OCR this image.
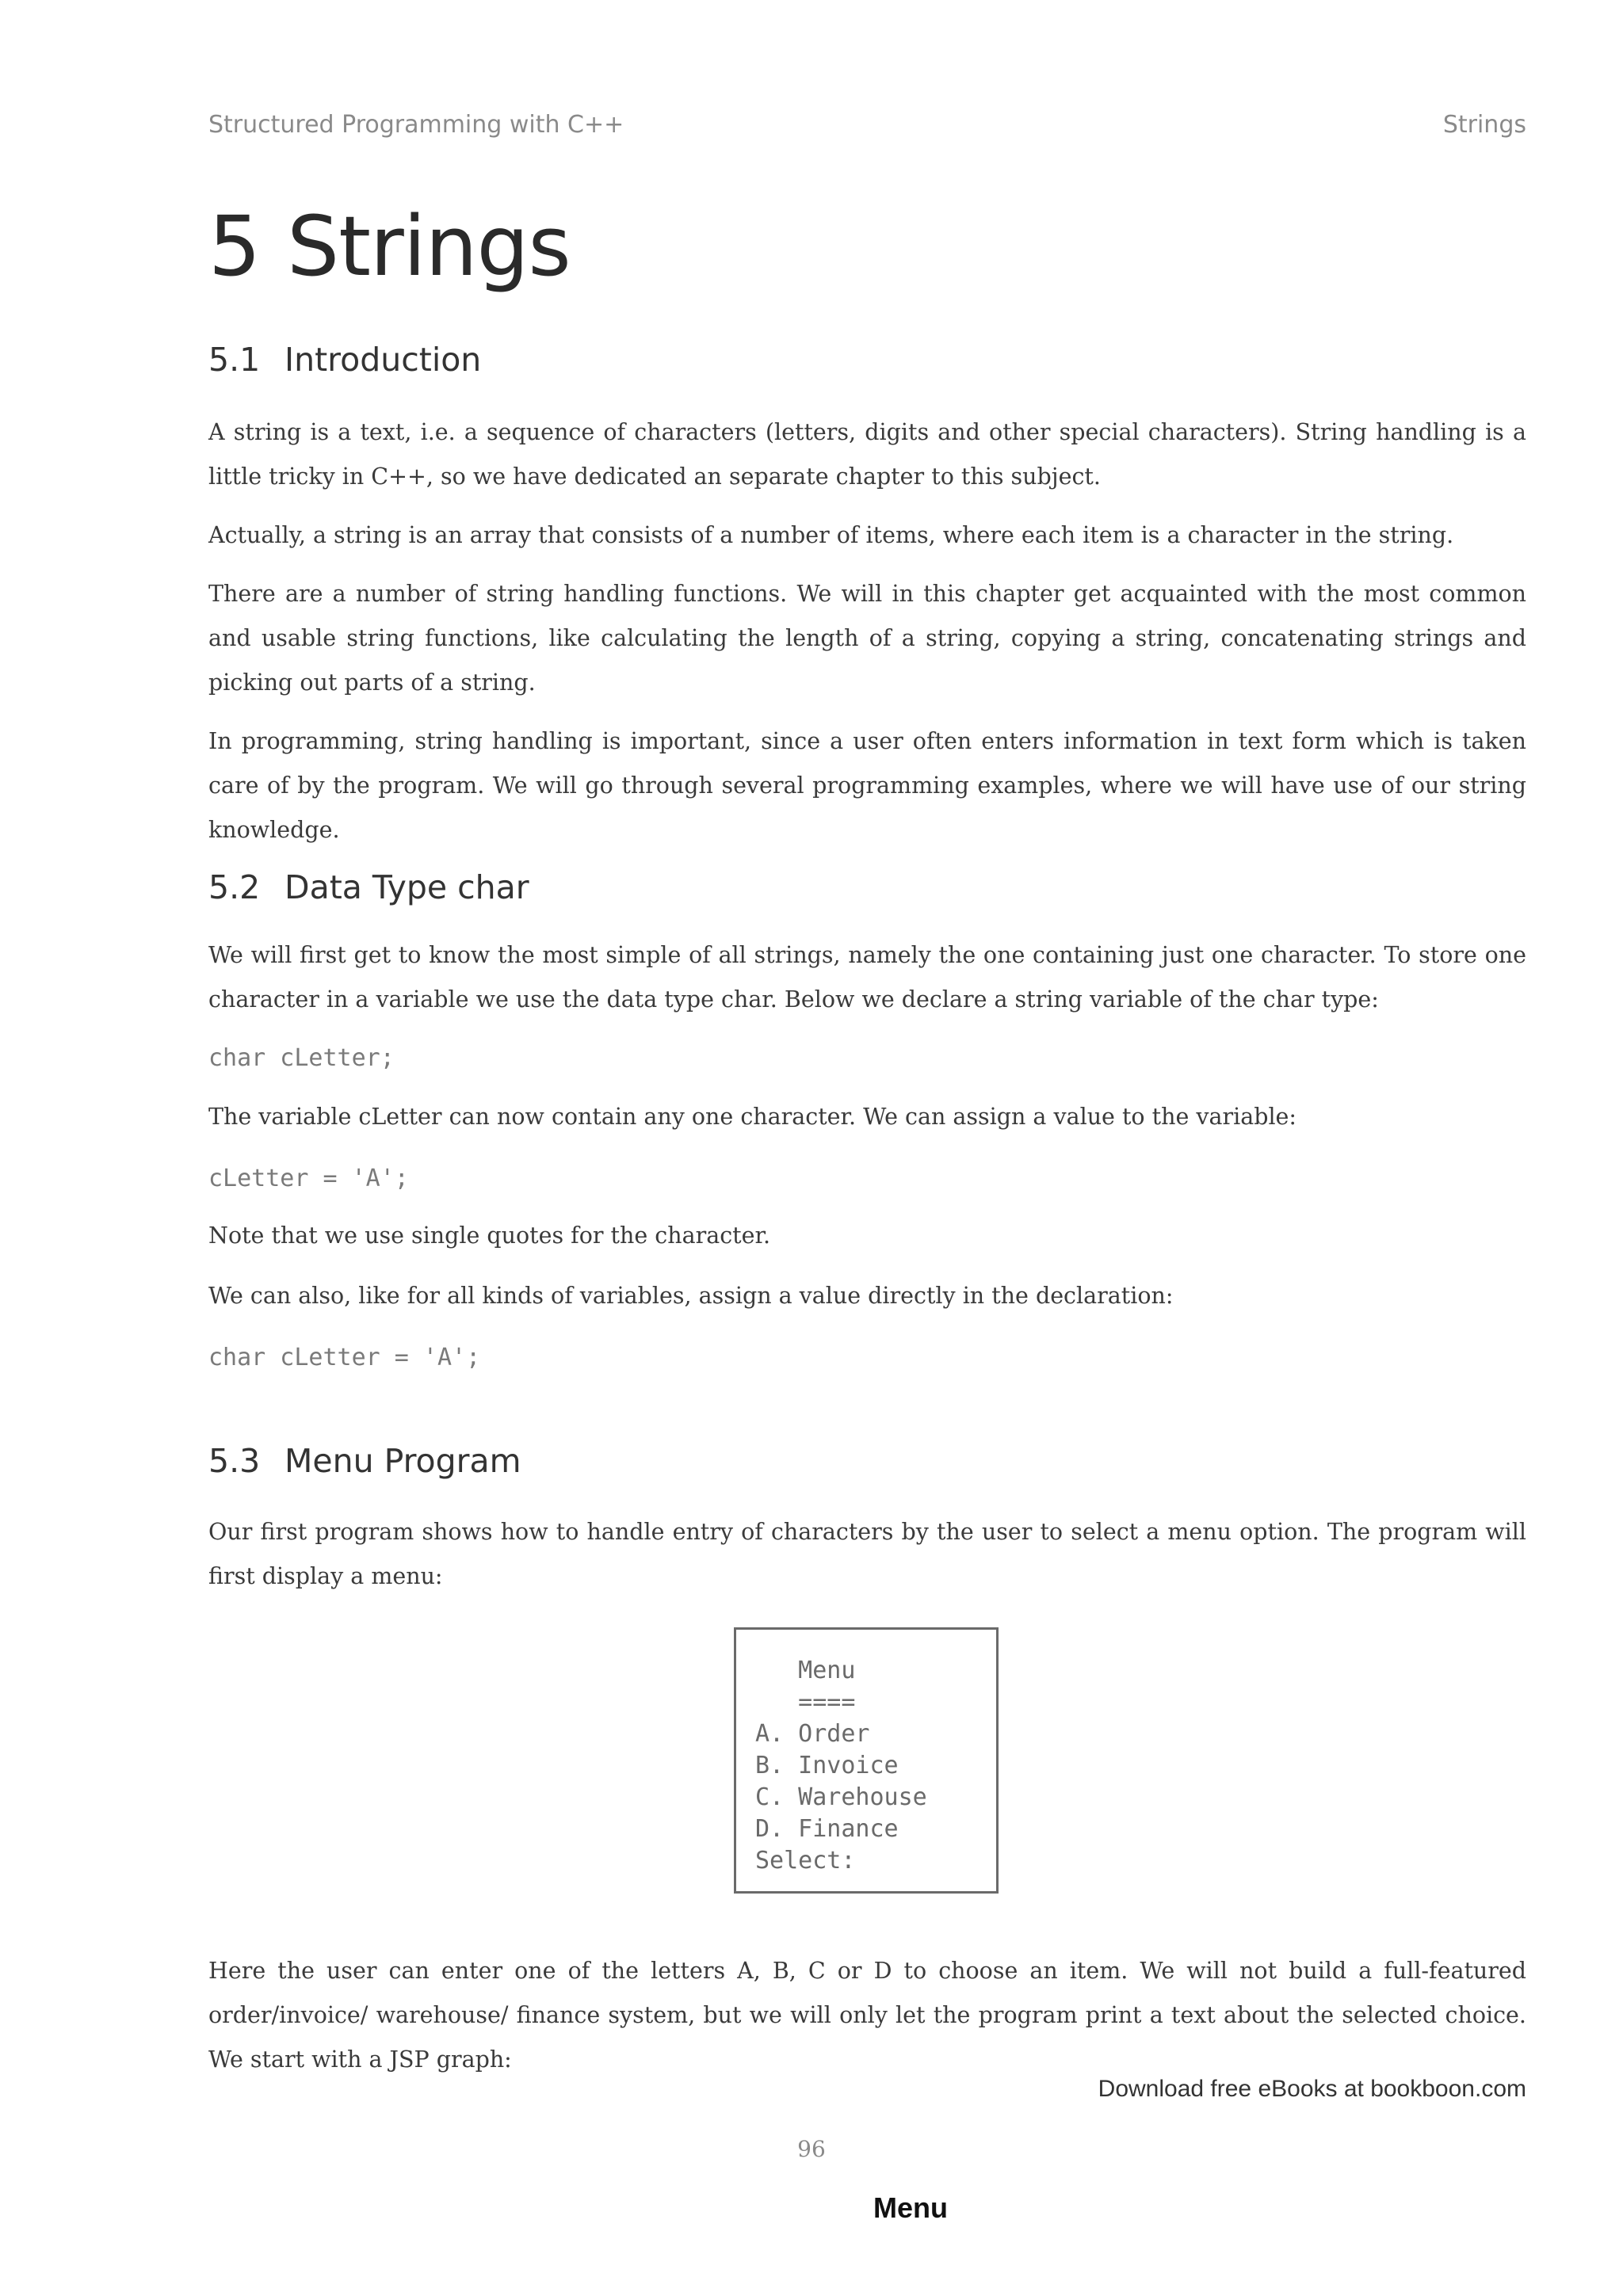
Structured Programming with C++	Strings
5 Strings
5.1 Introduction

A string is a text, i.e. a sequence of characters (letters, digits and other special characters). String handling is a little tricky in C++, so we have dedicated an separate chapter to this subject.

Actually, a string is an array that consists of a number of items, where each item is a character in the string.

There are a number of string handling functions. We will in this chapter get acquainted with the most common and usable string functions, like calculating the length of a string, copying a string, concatenating strings and picking out parts of a string.

In programming, string handling is important, since a user often enters information in text form which is taken care of by the program. We will go through several programming examples, where we will have use of our string knowledge.

5.2 Data Type char

We will first get to know the most simple of all strings, namely the one containing just one character. To store one character in a variable we use the data type char. Below we declare a string variable of the char type:

char cLetter;

The variable cLetter can now contain any one character. We can assign a value to the variable:

cLetter = 'A';

Note that we use single quotes for the character.

We can also, like for all kinds of variables, assign a value directly in the declaration:

char cLetter = 'A';
5.3 Menu Program

Our first program shows how to handle entry of characters by the user to select a menu option. The program will first display a menu:

Menu
====
A. Order
B. Invoice
C. Warehouse
D. Finance
Select:

Here the user can enter one of the letters A, B, C or D to choose an item. We will not build a full-featured order/invoice/ warehouse/ finance system, but we will only let the program print a text about the selected choice. We start with a JSP graph:

Download free eBooks at bookboon.com
96
Menu
